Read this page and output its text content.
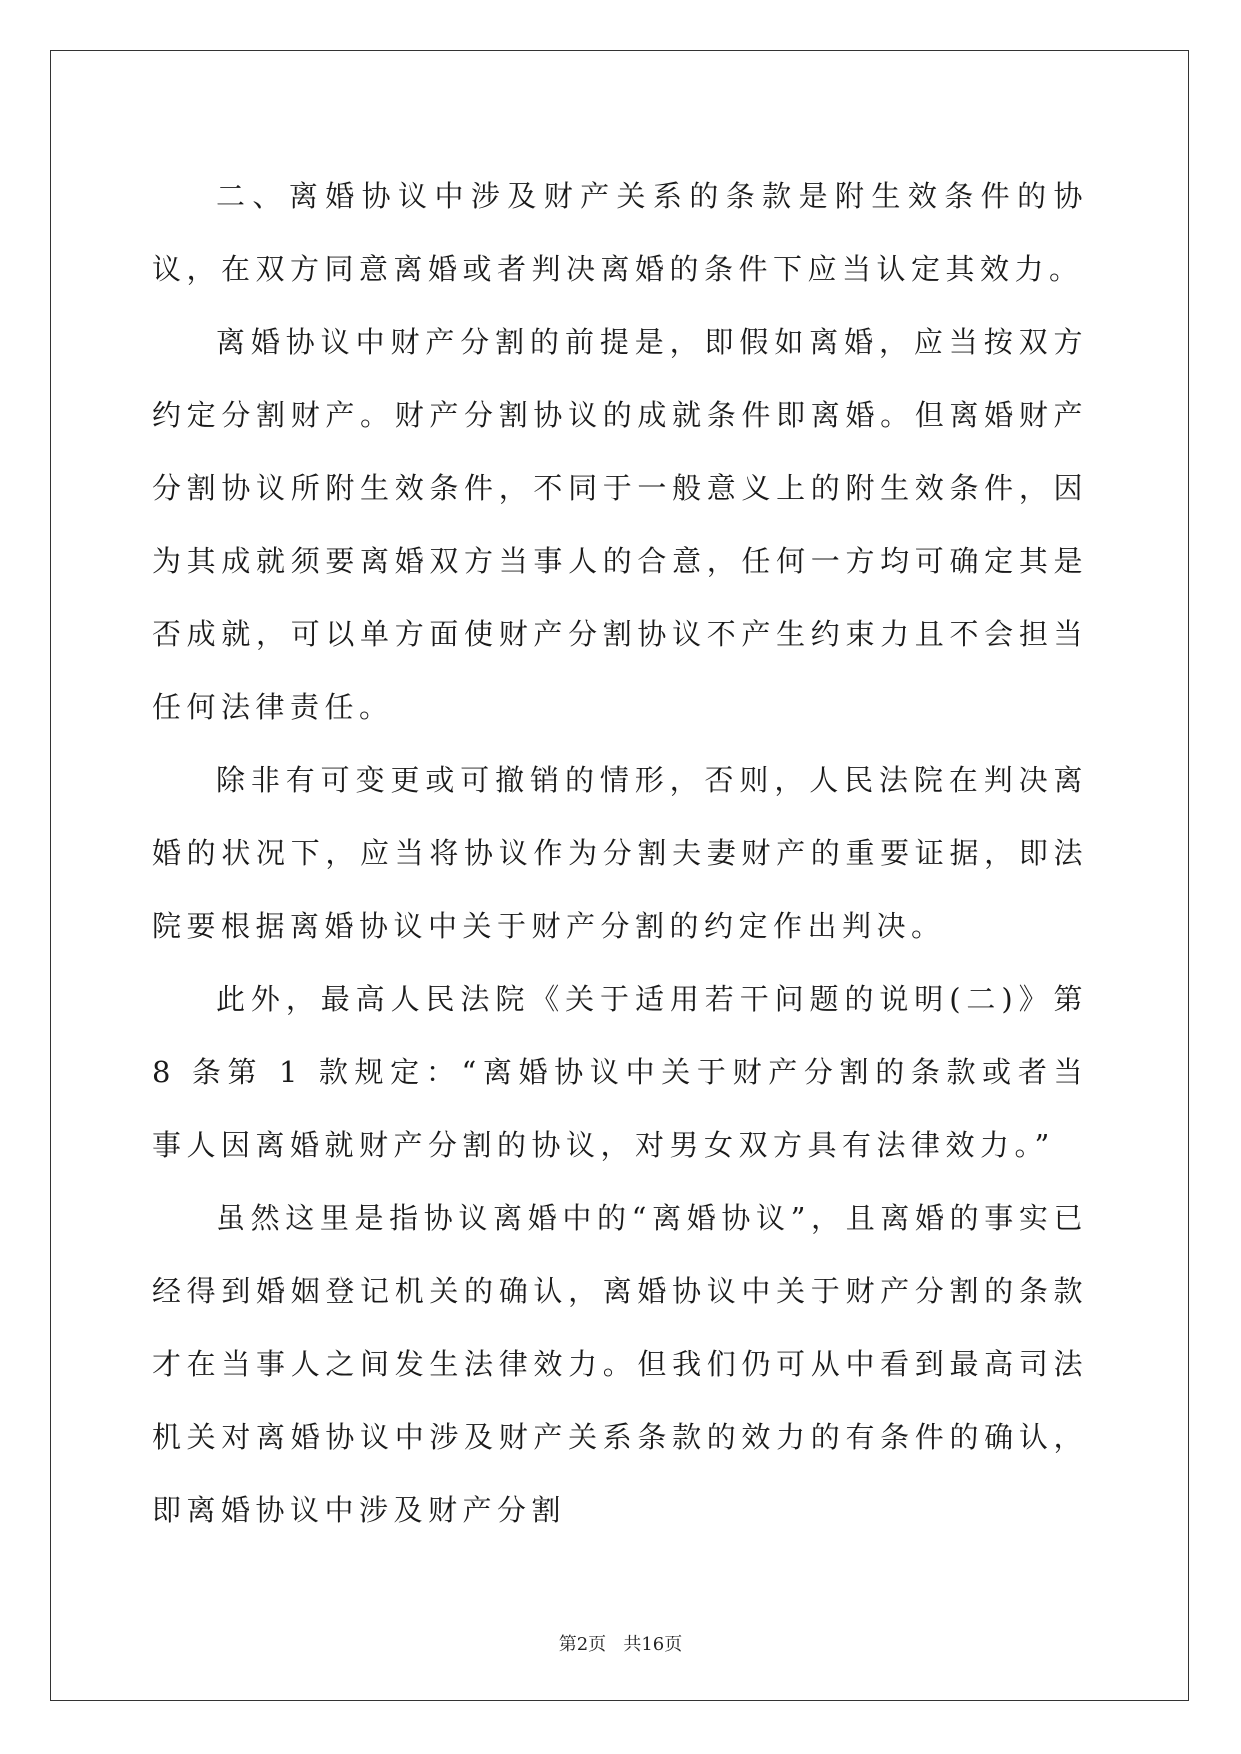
二、离婚协议中涉及财产关系的条款是附生效条件的协议，在双方同意离婚或者判决离婚的条件下应当认定其效力。

离婚协议中财产分割的前提是，即假如离婚，应当按双方约定分割财产。财产分割协议的成就条件即离婚。但离婚财产分割协议所附生效条件，不同于一般意义上的附生效条件，因为其成就须要离婚双方当事人的合意，任何一方均可确定其是否成就，可以单方面使财产分割协议不产生约束力且不会担当任何法律责任。

除非有可变更或可撤销的情形，否则，人民法院在判决离婚的状况下，应当将协议作为分割夫妻财产的重要证据，即法院要根据离婚协议中关于财产分割的约定作出判决。

此外，最高人民法院《关于适用若干问题的说明(二)》第 8 条第 1 款规定：“离婚协议中关于财产分割的条款或者当事人因离婚就财产分割的协议，对男女双方具有法律效力。”

虽然这里是指协议离婚中的“离婚协议”，且离婚的事实已经得到婚姻登记机关的确认，离婚协议中关于财产分割的条款才在当事人之间发生法律效力。但我们仍可从中看到最高司法机关对离婚协议中涉及财产关系条款的效力的有条件的确认，即离婚协议中涉及财产分割

第2页 共16页
